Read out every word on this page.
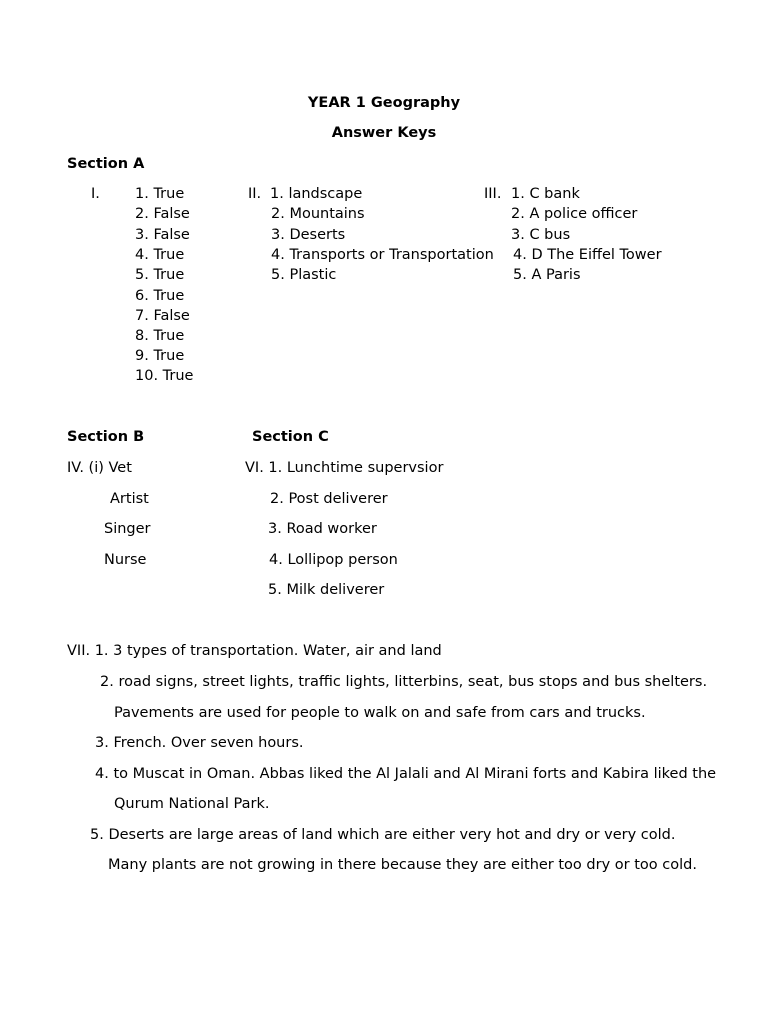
YEAR 1 Geography
Answer Keys
Section A
I. 1. True
2. False
3. False
4. True
5. True
6. True
7. False
8. True
9. True
10. True
II. 1. landscape
2. Mountains
3. Deserts
4. Transports or Transportation
5. Plastic
III. 1. C bank
2. A police officer
3. C bus
4. D The Eiffel Tower
5. A Paris
Section B
IV. (i) Vet
Artist
Singer
Nurse
Section C
VI. 1. Lunchtime supervsior
2. Post deliverer
3. Road worker
4. Lollipop person
5. Milk deliverer
VII. 1. 3 types of transportation. Water, air and land
2. road signs, street lights, traffic lights, litterbins, seat, bus stops and bus shelters.
Pavements are used for people to walk on and safe from cars and trucks.
3. French. Over seven hours.
4. to Muscat in Oman. Abbas liked the Al Jalali and Al Mirani forts and Kabira liked the
Qurum National Park.
5. Deserts are large areas of land which are either very hot and dry or very cold.
Many plants are not growing in there because they are either too dry or too cold.
